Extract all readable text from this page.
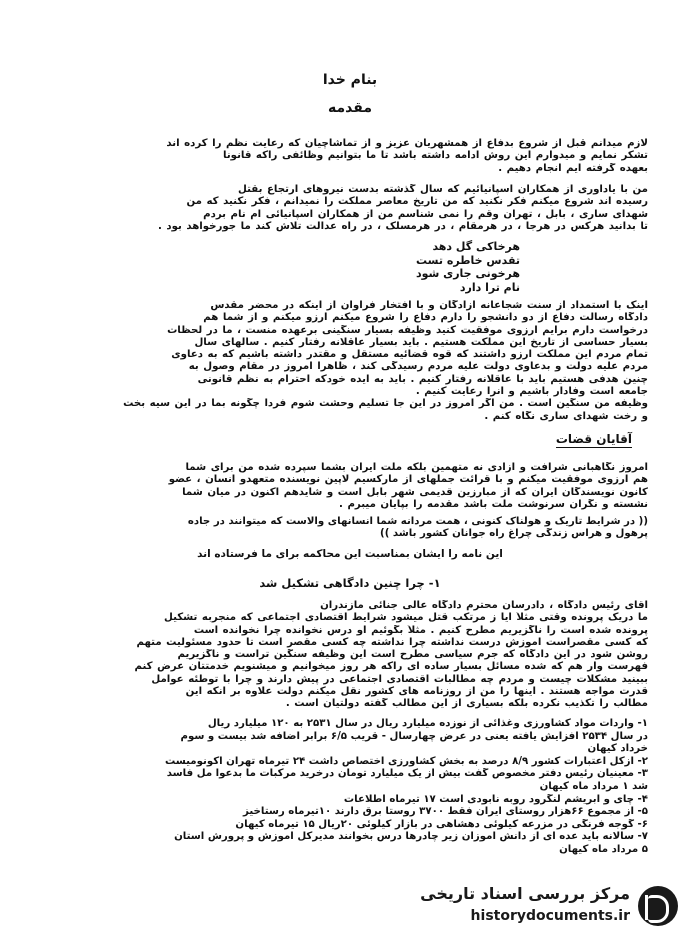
بنام خدا
مقدمه
لازم میدانم قبل از شروع بدفاع از همشهریان عزیز و از تماشاچیان که رعایت نظم را کرده اند
تشکر نمایم و میدوارم این روش ادامه داشته باشد تا ما بتوانیم وظائفی راکه قانوناً
بعهده گرفته ایم انجام دهیم .
من با یادآوری از همکاران اسپانیائیم که سال گذشته بدست نیروهای ارتجاع بقتل
رسیده اند شروع میکنم فکر نکنید که من تاریخ معاصر مملکت را نمیدانم ، فکر نکنید که من
شهدای ساری ، بابل ، تهران وقم را نمی شناسم من از همکاران اسپانیائی ام نام بردم
تا بدانید هرکس در هرجا ، در هرمقام ، در هرمسلک ، در راه عدالت تلاش کند ما جورخواهد بود .
هرخاکی گل دهد
تقدس خاطره تست
هرخونی جاری شود
نام ترا دارد
اینک با استمداد از سنت شجاعانه آزادگان و با افتخار فراوان از اینکه در محضر مقدس
دادگاه رسالت دفاع از دو دانشجو را دارم دفاع را شروع میکنم آرزو میکنم و از شما هم
درخواست دارم برایم آرزوی موفقیت کنید وظیفه بسیار سنگینی برعهده منست ، ما در لحظات
بسیار حساسی از تاریخ این مملکت هستیم . باید بسیار عاقلانه رفتار کنیم . سالهای سال
تمام مردم این مملکت آرزو داشتند که قوه قضائیه مستقل و مقتدر داشته باشیم که به دعاوی
مردم علیه دولت و بدعاوی دولت علیه مردم رسیدگی کند ، ظاهراً امروز در مقام وصول به
چنین هدفی هستیم باید با عاقلانه رفتار کنیم . باید به ایده خودکه احترام به نظم قانونی
جامعه است وفادار باشیم و آنرا رعایت کنیم .
وظیفه من سنگین است . من اگر امروز در این جا تسلیم وحشت شوم فردا چگونه بما در این سیه بخت
و رخت شهدای ساری نگاه کنم .
آقایان قضات
امروز نگاهبانی شرافت و آزادی نه متهمین بلکه ملت ایران بشما سپرده شده من برای شما
هم آرزوی موفقیت میکنم و با قرائت جملهای از مارکسیم لاپین نویسنده متعهدو انسان ، عضو
کانون نویسندگان ایران که از مبارزین قدیمی شهر بابل است و شایدهم اکنون در میان شما
نشسته و نگران سرنوشت ملت باشد مقدمه را بپایان میبرم .
(( در شرایط تاریک و هولناک کنونی ، همت مردانه شما انسانهای والاست که میتوانند در جاده
پرهول و هراس زندگی چراغ راه جوانان کشور باشد ))
این نامه را ایشان بمناسبت این محاکمه برای ما فرستاده اند
۱- چرا چنین دادگاهی تشکیل شد
آقای رئیس دادگاه ، دادرسان محترم دادگاه عالی جنائی مازندران
ما دریک پرونده وقتی مثلاً آیا ز مرتکب قتل میشود شرایط اقتصادی اجتماعی که منجربه تشکیل
پرونده شده است را ناگزیریم مطرح کنیم . مثلاً بگوئیم او درس نخوانده چرا نخوانده است
که کسی مقصراست آموزش درست نداشته چرا نداشته چه کسی مقصر است تا حدود مسئولیت متهم
روشن شود در این دادگاه که جرم سیاسی مطرح است این وظیفه سنگین تراست و ناگزیریم
فهرست وار هم که شده مسائل بسیار ساده ای راکه هر روز میخوانیم و میشنویم خدمتتان عرض کنم
ببینید مشکلات چیست و مردم چه مطالبات اقتصادی اجتماعی در پیش دارند و چرا با توطئه عوامل
قدرت مواجه هستند . اینها را من از روزنامه های کشور نقل میکنم دولت علاوه بر آنکه این
مطالب را تکذیب نکرده بلکه بسیاری از این مطالب گفته دولتیان است .
۱- واردات مواد کشاورزی وغذائی از نوزده میلیارد ریال در سال ۲۵۳۱ به ۱۲۰ میلیارد ریال
در سال ۲۵۳۴ افزایش یافته یعنی در عرض چهارسال - قریب ۶/۵ برابر اضافه شد بیست و سوم
خرداد کیهان
۲- ازکل اعتبارات کشور ۸/۹ درصد به بخش کشاورزی اختصاص داشت ۲۴ تیرماه تهران اکونومیست
۳- معینیان رئیس دفتر مخصوص گفت بیش از یک میلیارد تومان درخرید مرکبات ما بدعوا مل فاسد
شد ۱ مرداد ماه کیهان
۴- چای و ابریشم لنگرود روبه نابودی است ۱۷ تیرماه اطلاعات
۵- از مجموع ۶۶هزار روستای ایران فقط ۳۷۰۰ روستا برق دارند ۱۰تیرماه رستاخیز
۶- گوجه فرنگی در مزرعه کیلوئی دهشاهی در بازار کیلوئی ۲۰ریال ۱۵ تیرماه کیهان
۷- سالانه باید عده ای از دانش آموزان زیر چادرها درس بخوانند مدیرکل آموزش و پرورش استان
۵ مرداد ماه کیهان
مرکز بررسی اسناد تاریخی
historydocuments.ir
